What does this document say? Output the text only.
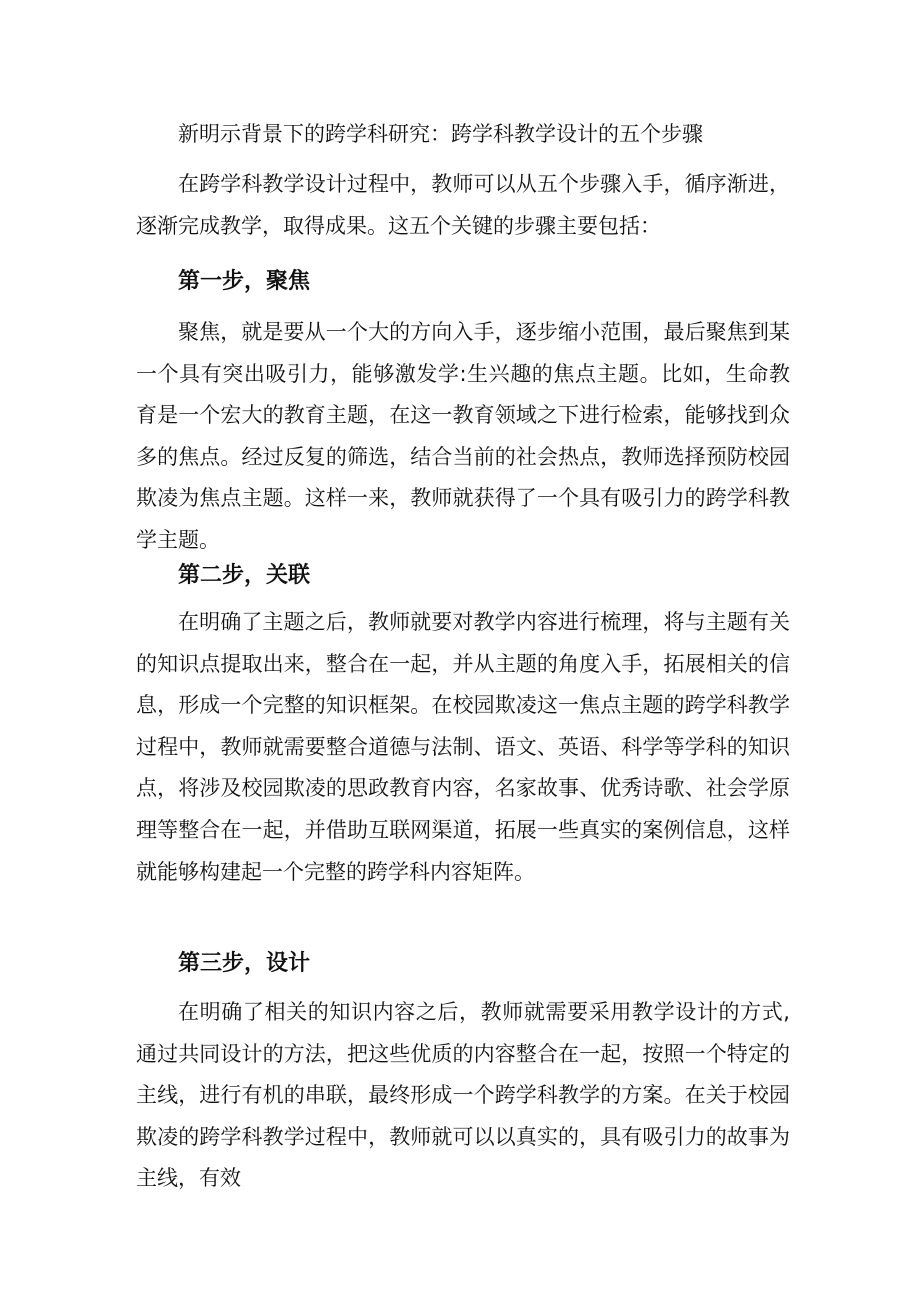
新明示背景下的跨学科研究：跨学科教学设计的五个步骤

在跨学科教学设计过程中，教师可以从五个步骤入手，循序渐进，逐渐完成教学，取得成果。这五个关键的步骤主要包括：

第一步，聚焦

聚焦，就是要从一个大的方向入手，逐步缩小范围，最后聚焦到某一个具有突出吸引力，能够激发学:生兴趣的焦点主题。比如，生命教育是一个宏大的教育主题，在这一教育领域之下进行检索，能够找到众多的焦点。经过反复的筛选，结合当前的社会热点，教师选择预防校园欺凌为焦点主题。这样一来，教师就获得了一个具有吸引力的跨学科教学主题。

第二步，关联

在明确了主题之后，教师就要对教学内容进行梳理，将与主题有关的知识点提取出来，整合在一起，并从主题的角度入手，拓展相关的信息，形成一个完整的知识框架。在校园欺凌这一焦点主题的跨学科教学过程中，教师就需要整合道德与法制、语文、英语、科学等学科的知识点，将涉及校园欺凌的思政教育内容，名家故事、优秀诗歌、社会学原理等整合在一起，并借助互联网渠道，拓展一些真实的案例信息，这样就能够构建起一个完整的跨学科内容矩阵。

第三步，设计

在明确了相关的知识内容之后，教师就需要采用教学设计的方式,通过共同设计的方法，把这些优质的内容整合在一起，按照一个特定的主线，进行有机的串联，最终形成一个跨学科教学的方案。在关于校园欺凌的跨学科教学过程中，教师就可以以真实的，具有吸引力的故事为主线，有效
